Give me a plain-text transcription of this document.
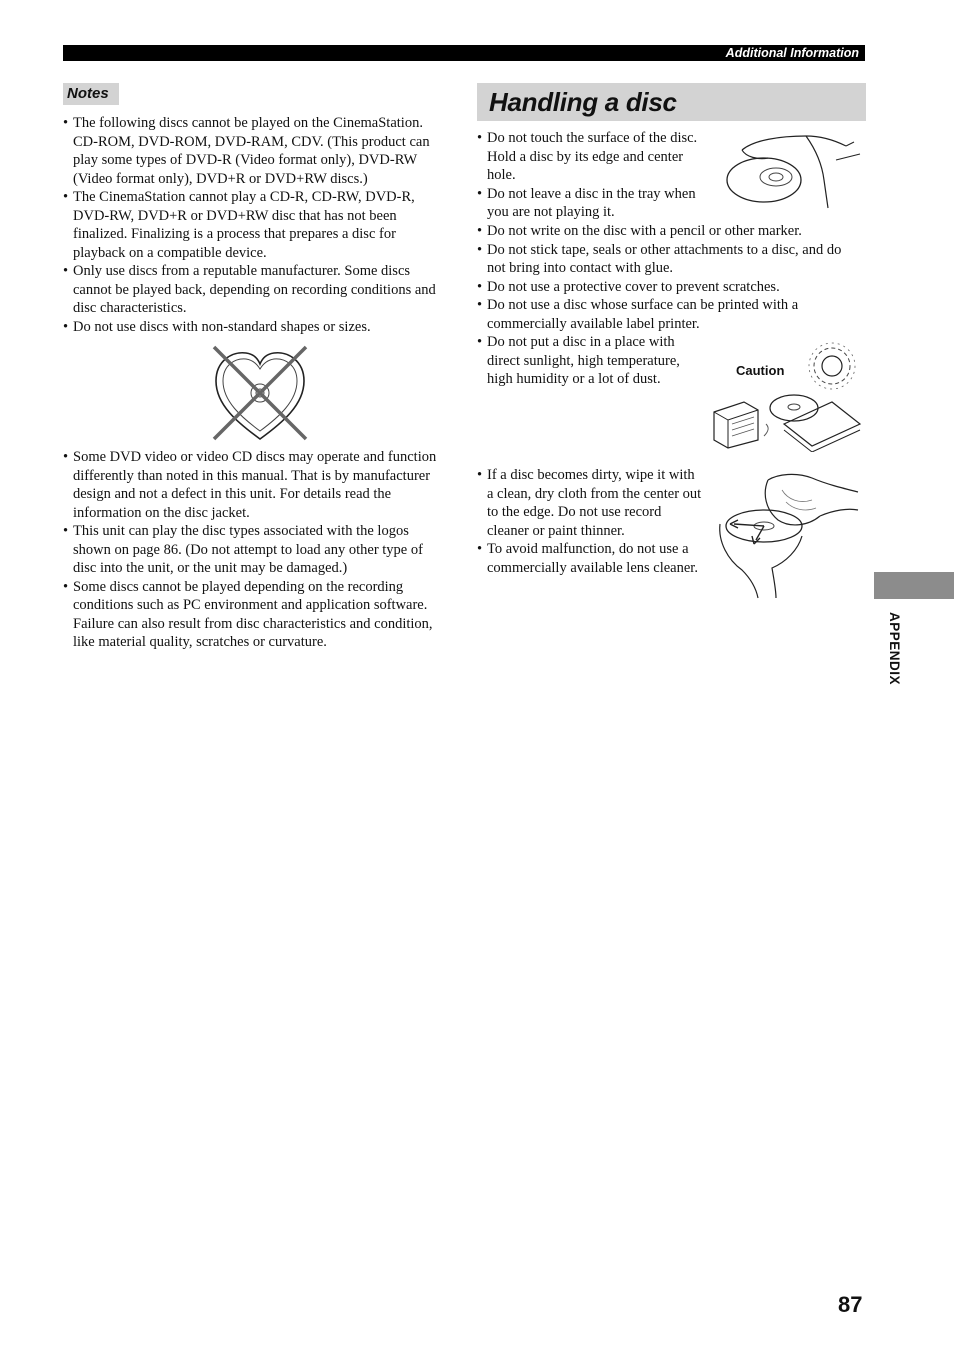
Additional Information
Notes
• The following discs cannot be played on the CinemaStation. CD-ROM, DVD-ROM, DVD-RAM, CDV. (This product can play some types of DVD-R (Video format only), DVD-RW (Video format only), DVD+R or DVD+RW discs.)
• The CinemaStation cannot play a CD-R, CD-RW, DVD-R, DVD-RW, DVD+R or DVD+RW disc that has not been finalized. Finalizing is a process that prepares a disc for playback on a compatible device.
• Only use discs from a reputable manufacturer. Some discs cannot be played back, depending on recording conditions and disc characteristics.
• Do not use discs with non-standard shapes or sizes.
• Some DVD video or video CD discs may operate and function differently than noted in this manual. That is by manufacturer design and not a defect in this unit. For details read the information on the disc jacket.
• This unit can play the disc types associated with the logos shown on page 86. (Do not attempt to load any other type of disc into the unit, or the unit may be damaged.)
• Some discs cannot be played depending on the recording conditions such as PC environment and application software. Failure can also result from disc characteristics and condition, like material quality, scratches or curvature.
Handling a disc
• Do not touch the surface of the disc. Hold a disc by its edge and center hole.
• Do not leave a disc in the tray when you are not playing it.
• Do not write on the disc with a pencil or other marker.
• Do not stick tape, seals or other attachments to a disc, and do not bring into contact with glue.
• Do not use a protective cover to prevent scratches.
• Do not use a disc whose surface can be printed with a commercially available label printer.
• Do not put a disc in a place with direct sunlight, high temperature, high humidity or a lot of dust.
Caution
• If a disc becomes dirty, wipe it with a clean, dry cloth from the center out to the edge. Do not use record cleaner or paint thinner.
• To avoid malfunction, do not use a commercially available lens cleaner.
APPENDIX
87
